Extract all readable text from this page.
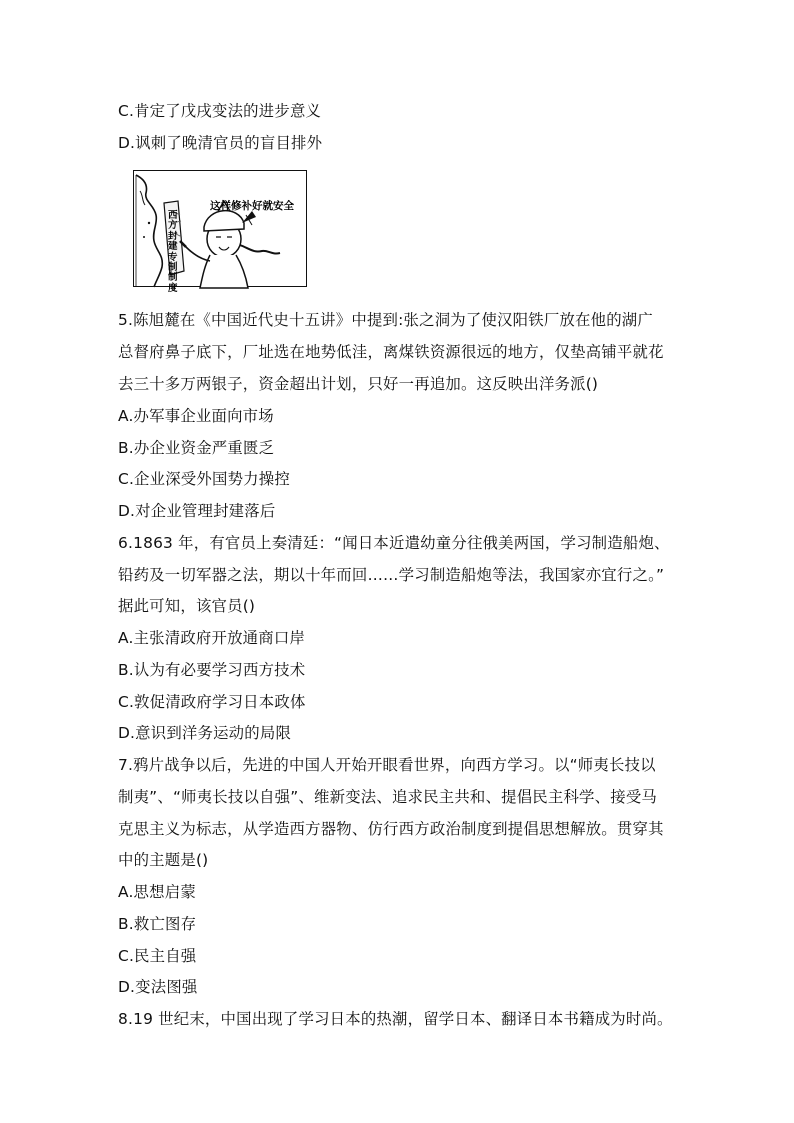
C.肯定了戊戌变法的进步意义
D.讽刺了晚清官员的盲目排外
这样修补好就安全
西方 封建专制制度
5.陈旭麓在《中国近代史十五讲》中提到:张之洞为了使汉阳铁厂放在他的湖广
总督府鼻子底下，厂址选在地势低洼，离煤铁资源很远的地方，仅垫高铺平就花
去三十多万两银子，资金超出计划，只好一再追加。这反映出洋务派()
A.办军事企业面向市场
B.办企业资金严重匮乏
C.企业深受外国势力操控
D.对企业管理封建落后
6.1863 年，有官员上奏清廷：“闻日本近遣幼童分往俄美两国，学习制造船炮、
铅药及一切军器之法，期以十年而回……学习制造船炮等法，我国家亦宜行之。”
据此可知，该官员()
A.主张清政府开放通商口岸
B.认为有必要学习西方技术
C.敦促清政府学习日本政体
D.意识到洋务运动的局限
7.鸦片战争以后，先进的中国人开始开眼看世界，向西方学习。以“师夷长技以
制夷”、“师夷长技以自强”、维新变法、追求民主共和、提倡民主科学、接受马
克思主义为标志，从学造西方器物、仿行西方政治制度到提倡思想解放。贯穿其
中的主题是()
A.思想启蒙
B.救亡图存
C.民主自强
D.变法图强
8.19 世纪末，中国出现了学习日本的热潮，留学日本、翻译日本书籍成为时尚。
